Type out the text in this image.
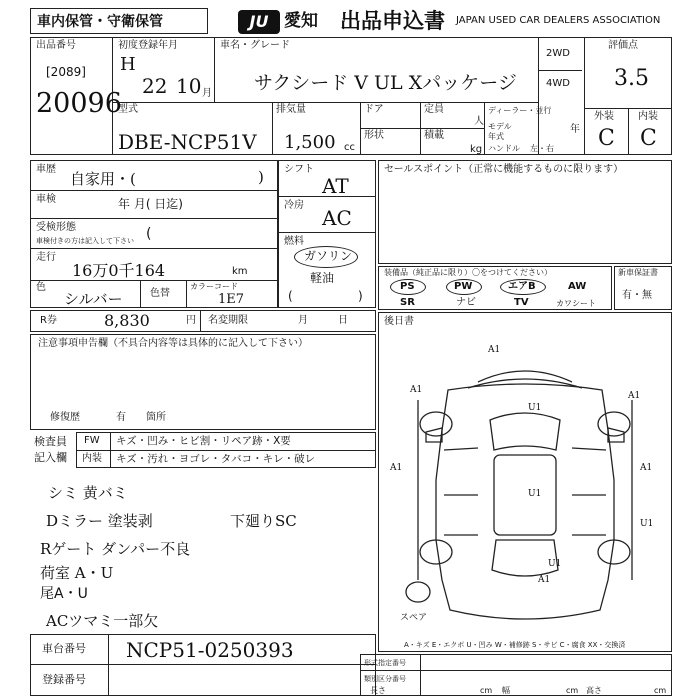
車内保管・守衛保管	JU 愛知 出品申込書 JAPAN USED CAR DEALERS ASSOCIATION
出品番号
[2089]
20096
初度登録年月
H
22 10 月
車名・グレード
サクシード V UL Xパッケージ
2WD
4WD
評価点
3.5
外装 内装
C C
型式
DBE-NCP51V
排気量
1,500 cc
ドア
形状
定員
人
積載
kg
ディーラー・並行
モデル年式
年
ハンドル 左・右
車歴
自家用・(	)
車検	年 月( 日迄)
受検形態
車検付きの方は記入して下さい (
走行
16万0千164	km
色
シルバー	色替
カラーコード
1E7
シフト
AT
冷房
AC
燃料
ガソリン
軽油
(	)
セールスポイント（正常に機能するものに限ります）
装備品（純正品に限り）〇をつけてください）
PS	PW	エアB	AW
SR	ナビ	TV	カワシート
新車保証書
有・無
R券	8,830	円 名変期限	月	日
注意事項申告欄（不具合内容等は具体的に記入して下さい）
修復歴	有 箇所
後日書
検査員
記入欄
FW キズ・凹み・ヒビ割・リペア跡・X要
内装 キズ・汚れ・ヨゴレ・タバコ・キレ・破レ
シミ 黄バミ
Dミラー 塗装剥	下廻りSC
Rゲート ダンパー不良
荷室 A・U
尾A・U
ACツマミ一部欠
車台番号 NCP51-0250393
登録番号
A1
A1
A1
U1
A1	A1
U1
U1
U1
A1
スペア
A・キズ E・エクボ U・凹み W・補修跡 S・サビ C・腐食 XX・交換済
形式指定番号
類別区分番号
長さ	cm 幅	cm 高さ	cm
